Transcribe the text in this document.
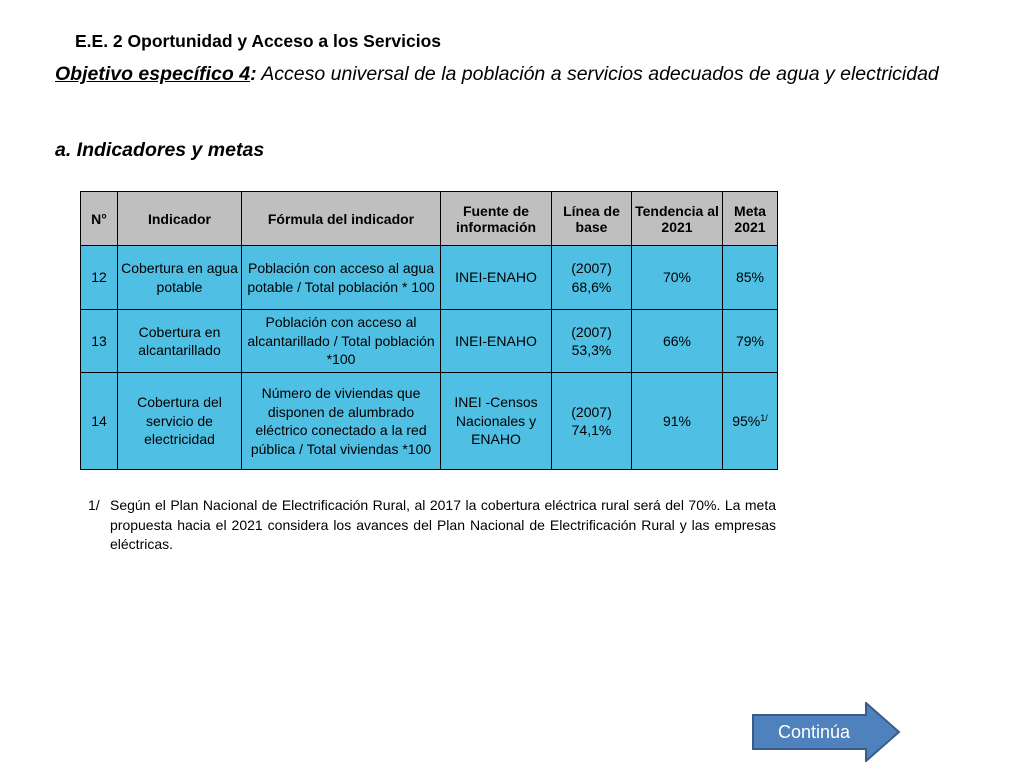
E.E. 2 Oportunidad y Acceso a los Servicios
Objetivo específico 4: Acceso universal de la población a servicios adecuados de agua y electricidad
a. Indicadores y metas
N°	Indicador	Fórmula del indicador	Fuente de información	Línea de base	Tendencia al 2021	Meta 2021
12	Cobertura en agua potable	Población con acceso al agua potable / Total población * 100	INEI-ENAHO	(2007) 68,6%	70%	85%
13	Cobertura en alcantarillado	Población con acceso al alcantarillado / Total población *100	INEI-ENAHO	(2007) 53,3%	66%	79%
14	Cobertura del servicio de electricidad	Número de viviendas que disponen de alumbrado eléctrico conectado a la red pública / Total viviendas *100	INEI -Censos Nacionales y ENAHO	(2007) 74,1%	91%	95%$^{1/}$
1/ Según el Plan Nacional de Electrificación Rural, al 2017 la cobertura eléctrica rural será del 70%. La meta propuesta hacia el 2021 considera los avances del Plan Nacional de Electrificación Rural y las empresas eléctricas.
Continúa
